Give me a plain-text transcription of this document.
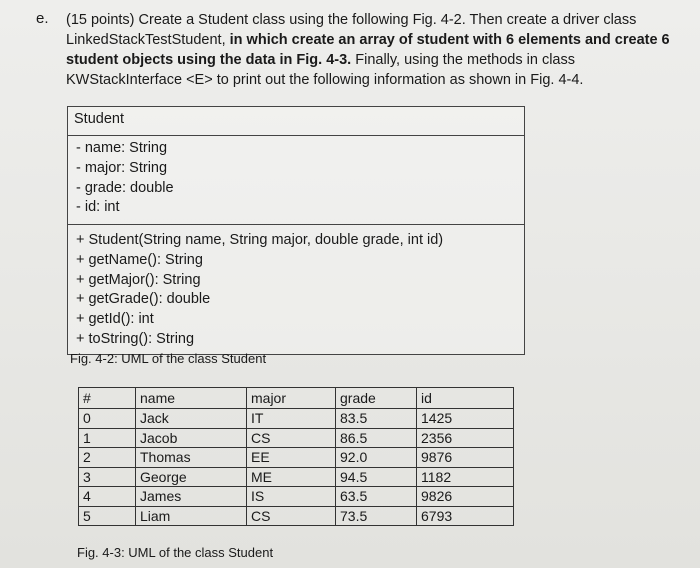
e. (15 points) Create a Student class using the following Fig. 4-2. Then create a driver class LinkedStackTestStudent, in which create an array of student with 6 elements and create 6 student objects using the data in Fig. 4-3. Finally, using the methods in class KWStackInterface <E> to print out the following information as shown in Fig. 4-4.

Student
- name: String
- major: String
- grade: double
- id: int
+ Student(String name, String major, double grade, int id)
+ getName(): String
+ getMajor(): String
+ getGrade(): double
+ getId(): int
+ toString(): String
Fig. 4-2: UML of the class Student
#	name	major	grade	id
0	Jack	IT	83.5	1425
1	Jacob	CS	86.5	2356
2	Thomas	EE	92.0	9876
3	George	ME	94.5	1182
4	James	IS	63.5	9826
5	Liam	CS	73.5	6793
Fig. 4-3: UML of the class Student
